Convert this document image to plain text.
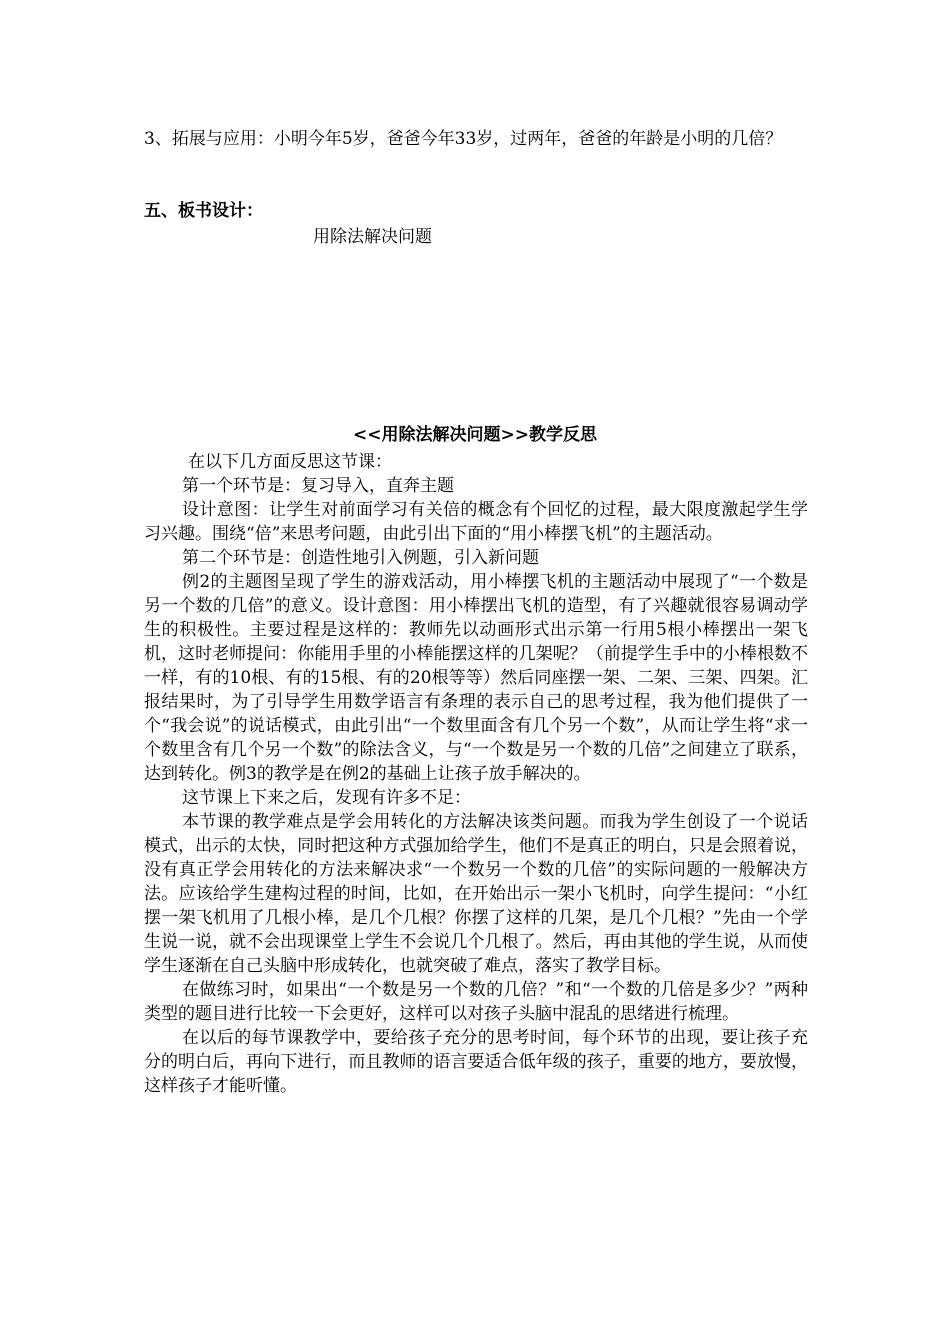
3、拓展与应用：小明今年5岁，爸爸今年33岁，过两年，爸爸的年龄是小明的几倍？

五、板书设计：
用除法解决问题
<<用除法解决问题>>教学反思

在以下几方面反思这节课：

第一个环节是：复习导入，直奔主题

设计意图：让学生对前面学习有关倍的概念有个回忆的过程，最大限度激起学生学习兴趣。围绕“倍”来思考问题，由此引出下面的“用小棒摆飞机”的主题活动。

第二个环节是：创造性地引入例题，引入新问题

例2的主题图呈现了学生的游戏活动，用小棒摆飞机的主题活动中展现了“一个数是另一个数的几倍”的意义。设计意图：用小棒摆出飞机的造型，有了兴趣就很容易调动学生的积极性。主要过程是这样的：教师先以动画形式出示第一行用5根小棒摆出一架飞机，这时老师提问：你能用手里的小棒能摆这样的几架呢？（前提学生手中的小棒根数不一样，有的10根、有的15根、有的20根等等）然后同座摆一架、二架、三架、四架。汇报结果时，为了引导学生用数学语言有条理的表示自己的思考过程，我为他们提供了一个“我会说”的说话模式，由此引出“一个数里面含有几个另一个数”，从而让学生将“求一个数里含有几个另一个数”的除法含义，与“一个数是另一个数的几倍”之间建立了联系，达到转化。例3的教学是在例2的基础上让孩子放手解决的。

这节课上下来之后，发现有许多不足：

本节课的教学难点是学会用转化的方法解决该类问题。而我为学生创设了一个说话模式，出示的太快，同时把这种方式强加给学生，他们不是真正的明白，只是会照着说，没有真正学会用转化的方法来解决求“一个数另一个数的几倍”的实际问题的一般解决方法。应该给学生建构过程的时间，比如，在开始出示一架小飞机时，向学生提问：“小红摆一架飞机用了几根小棒，是几个几根？你摆了这样的几架，是几个几根？”先由一个学生说一说，就不会出现课堂上学生不会说几个几根了。然后，再由其他的学生说，从而使学生逐渐在自己头脑中形成转化，也就突破了难点，落实了教学目标。

在做练习时，如果出“一个数是另一个数的几倍？”和“一个数的几倍是多少？”两种类型的题目进行比较一下会更好，这样可以对孩子头脑中混乱的思绪进行梳理。

在以后的每节课教学中，要给孩子充分的思考时间，每个环节的出现，要让孩子充分的明白后，再向下进行，而且教师的语言要适合低年级的孩子，重要的地方，要放慢，这样孩子才能听懂。
